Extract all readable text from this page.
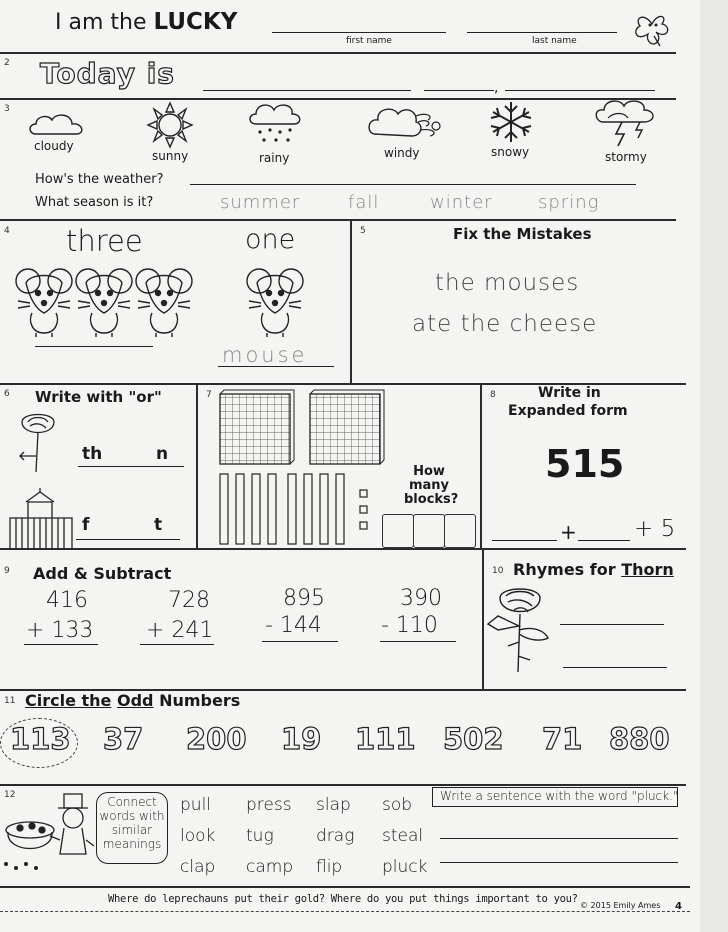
I am the LUCKY
first name	last name
2 Today is	,
3
cloudy
sunny	rainy	windy	snowy	stormy
How's the weather?
What season is it?	summer	fall	winter	spring
4 three	one
mouse
5	Fix the Mistakes
the mouses
ate the cheese
6 Write with "or"
th	n
f	t
7
How many blocks?
8	Write in
Expanded form
515
+ + 5
9 Add & Subtract
416
+ 133
728
+ 241
895
- 144
390
- 110
10 Rhymes for Thorn
11 Circle the Odd Numbers
113 37 200 19 111 502 71 880
12	Connect words with similar meanings
pull press slap sob
look tug drag steal
clap camp flip pluck
Write a sentence with the word "pluck."
Where do leprechauns put their gold? Where do you put things important to you?
© 2015 Emily Ames 4
